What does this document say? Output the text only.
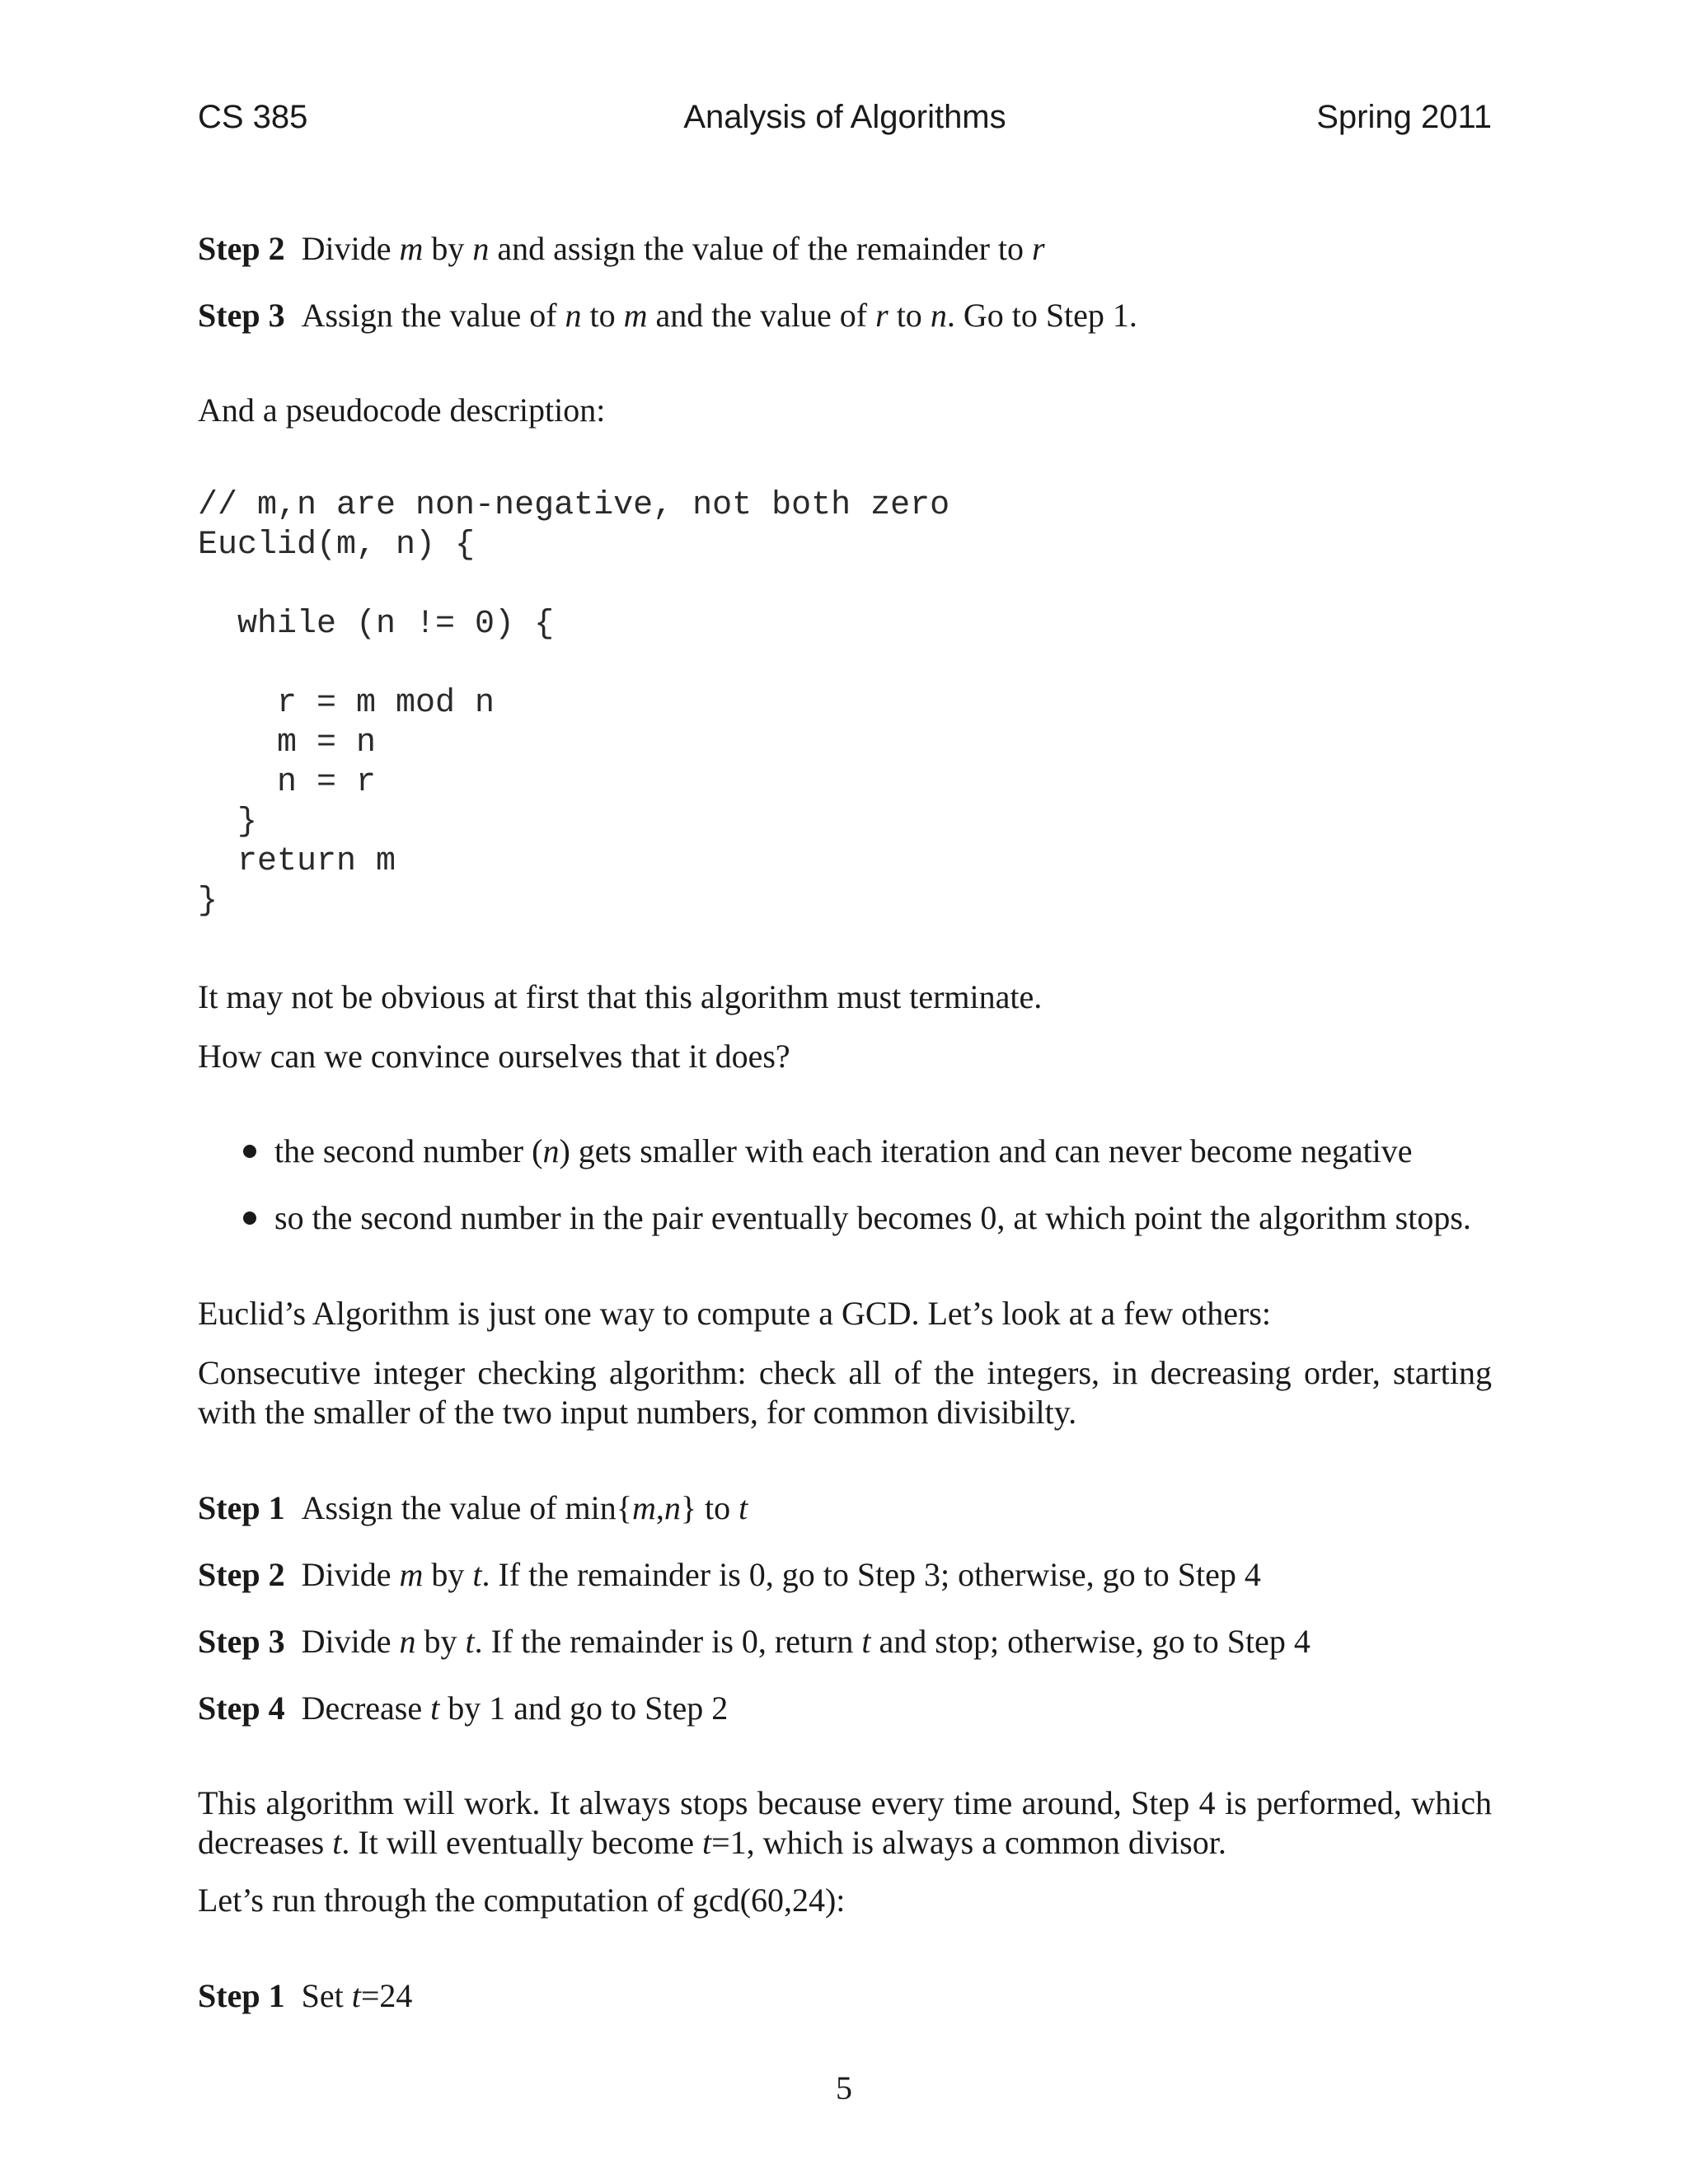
CS 385	Analysis of Algorithms	Spring 2011
Step 2 Divide m by n and assign the value of the remainder to r
Step 3 Assign the value of n to m and the value of r to n. Go to Step 1.
And a pseudocode description:
// m,n are non-negative, not both zero
Euclid(m, n) {
while (n != 0) {
r = m mod n
m = n
n = r
}
return m
}
It may not be obvious at first that this algorithm must terminate.
How can we convince ourselves that it does?
the second number (n) gets smaller with each iteration and can never become negative
so the second number in the pair eventually becomes 0, at which point the algorithm stops.
Euclid’s Algorithm is just one way to compute a GCD. Let’s look at a few others:
Consecutive integer checking algorithm: check all of the integers, in decreasing order, starting with the smaller of the two input numbers, for common divisibilty.
Step 1 Assign the value of min{m,n} to t
Step 2 Divide m by t. If the remainder is 0, go to Step 3; otherwise, go to Step 4
Step 3 Divide n by t. If the remainder is 0, return t and stop; otherwise, go to Step 4
Step 4 Decrease t by 1 and go to Step 2
This algorithm will work. It always stops because every time around, Step 4 is performed, which decreases t. It will eventually become t=1, which is always a common divisor.
Let’s run through the computation of gcd(60,24):
Step 1 Set t=24
5
